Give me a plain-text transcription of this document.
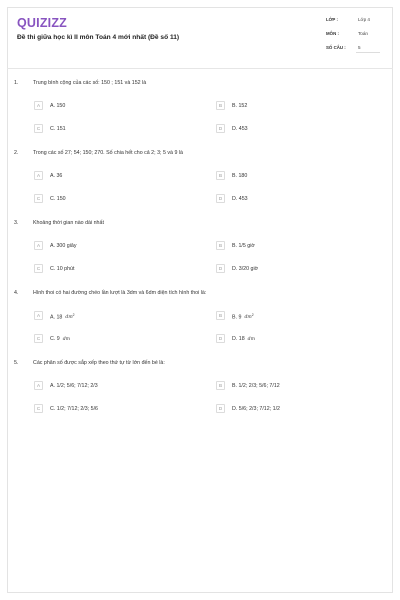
QUIZIZZ
Đề thi giữa học kì II môn Toán 4 mới nhất (Đề số 11)
LỚP :	Lớp 4
MÔN :	Toán
SỐ CÂU :	5
1.	Trung bình cộng của các số: 150 ; 151 và 152 là
A	A. 150	B	B. 152
C	C. 151	D	D. 453
2.	Trong các số 27; 54; 150; 270. Số chia hết cho cả 2; 3; 5 và 9 là
A	A. 36	B	B. 180
C	C. 150	D	D. 453
3.	Khoảng thời gian nào dài nhất
A	A. 300 giây	B	B. 1/5 giờ
C	C. 10 phút	D	D. 3/20 giờ
4.	Hình thoi có hai đường chéo lần lượt là 3dm và 6dm diện tích hình thoi là:
A	A. 18 $dm^2$	B	B. 9 $dm^2$
C	C. 9 dm	D	D. 18 dm
5.	Các phân số được sắp xếp theo thứ tự từ lớn đến bé là:
A	A. 1/2; 5/6; 7/12; 2/3	B	B. 1/2; 2/3; 5/6; 7/12
C	C. 1/2; 7/12; 2/3; 5/6	D	D. 5/6; 2/3; 7/12; 1/2
